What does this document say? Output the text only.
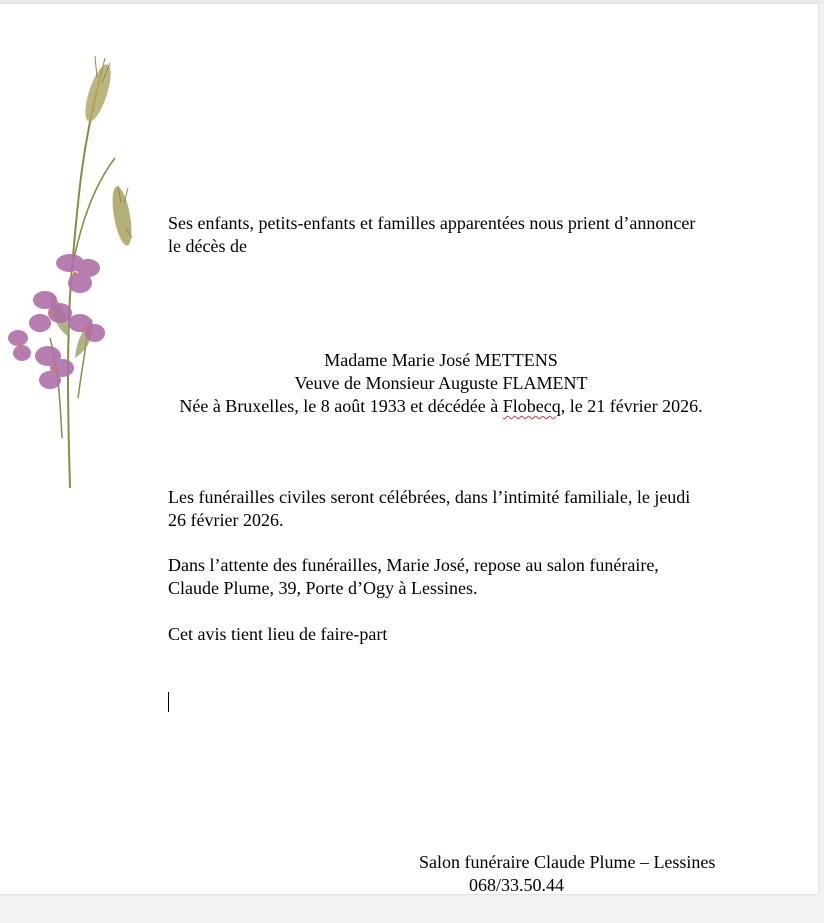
Ses enfants, petits-enfants et familles apparentées nous prient d’annoncer
le décès de
Madame Marie José METTENS
Veuve de Monsieur Auguste FLAMENT
Née à Bruxelles, le 8 août 1933 et décédée à Flobecq, le 21 février 2026.
Les funérailles civiles seront célébrées, dans l’intimité familiale, le jeudi
26 février 2026.
Dans l’attente des funérailles, Marie José, repose au salon funéraire,
Claude Plume, 39, Porte d’Ogy à Lessines.
Cet avis tient lieu de faire-part
Salon funéraire Claude Plume – Lessines
068/33.50.44
